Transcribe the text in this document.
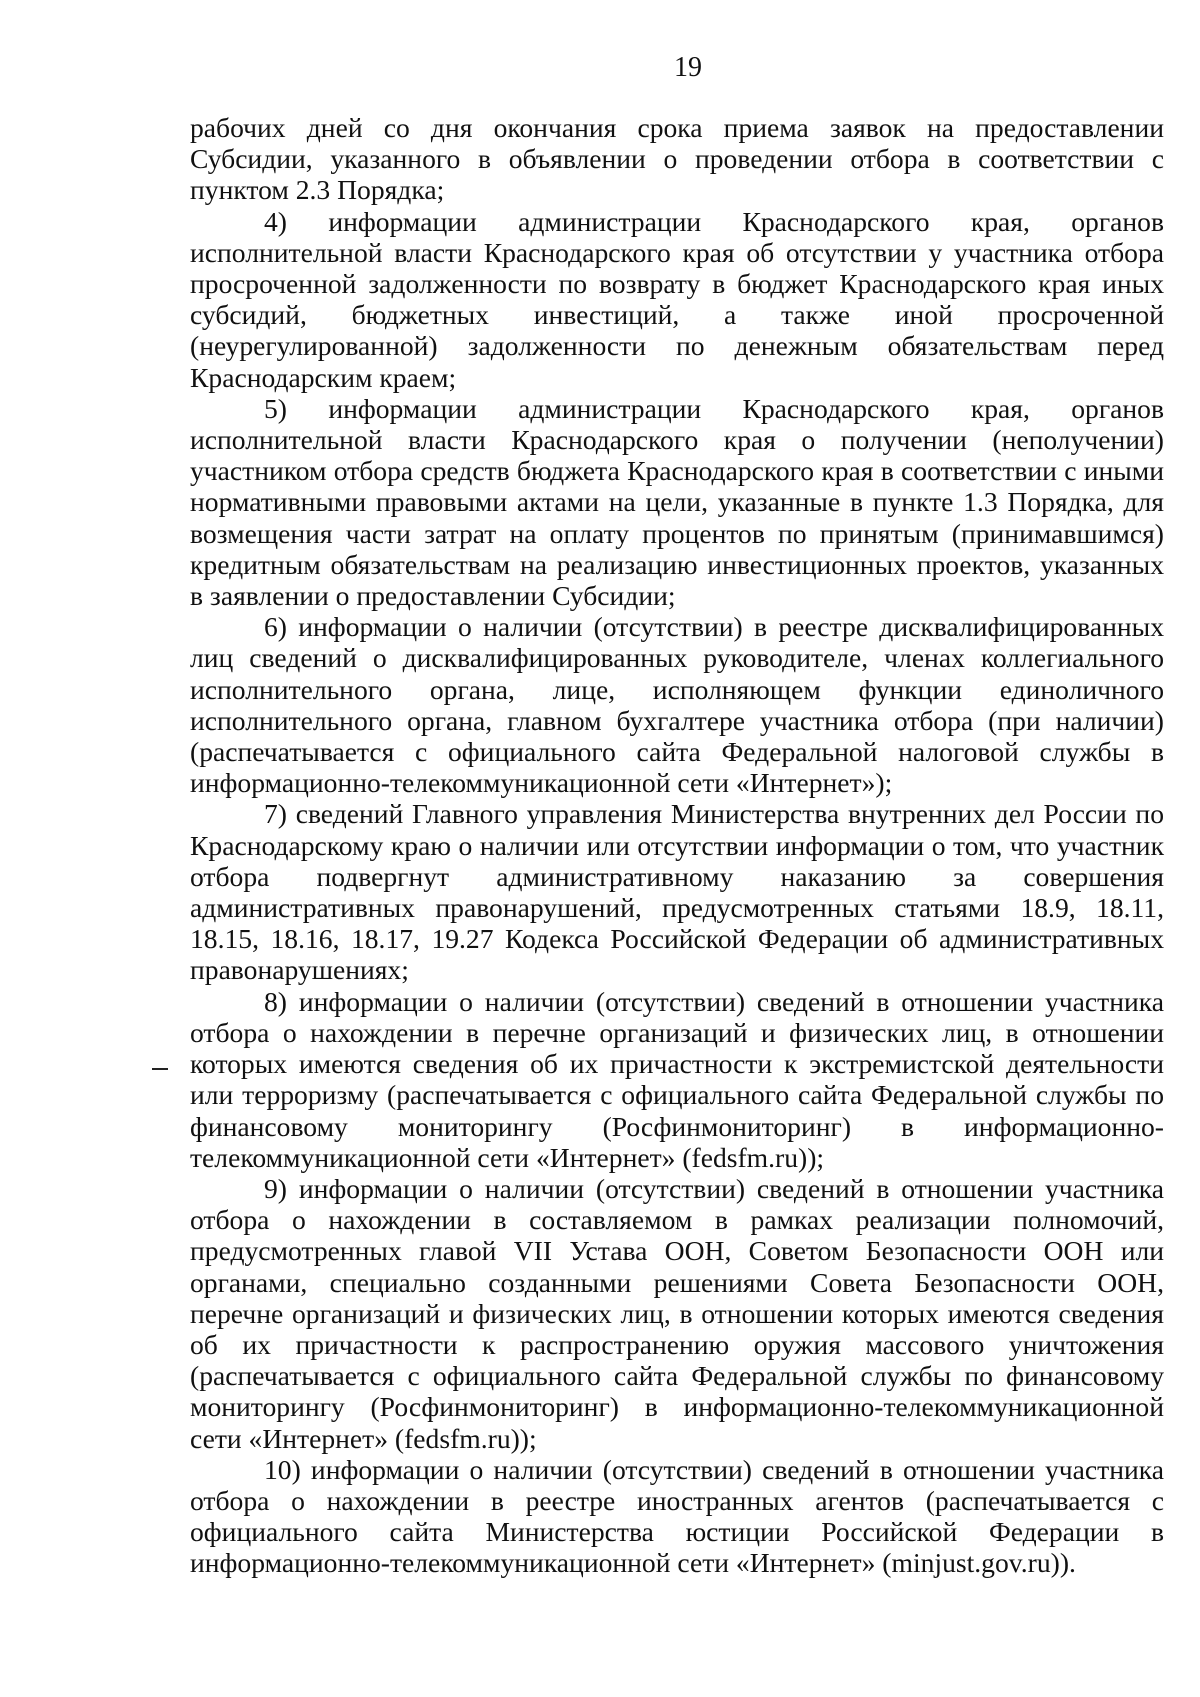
19

рабочих дней со дня окончания срока приема заявок на предоставлении Субсидии, указанного в объявлении о проведении отбора в соответствии с пунктом 2.3 Порядка;

4) информации администрации Краснодарского края, органов исполнительной власти Краснодарского края об отсутствии у участника отбора просроченной задолженности по возврату в бюджет Краснодарского края иных субсидий, бюджетных инвестиций, а также иной просроченной (неурегулированной) задолженности по денежным обязательствам перед Краснодарским краем;

5) информации администрации Краснодарского края, органов исполнительной власти Краснодарского края о получении (неполучении) участником отбора средств бюджета Краснодарского края в соответствии с иными нормативными правовыми актами на цели, указанные в пункте 1.3 Порядка, для возмещения части затрат на оплату процентов по принятым (принимавшимся) кредитным обязательствам на реализацию инвестиционных проектов, указанных в заявлении о предоставлении Субсидии;

6) информации о наличии (отсутствии) в реестре дисквалифицированных лиц сведений о дисквалифицированных руководителе, членах коллегиального исполнительного органа, лице, исполняющем функции единоличного исполнительного органа, главном бухгалтере участника отбора (при наличии) (распечатывается с официального сайта Федеральной налоговой службы в информационно-телекоммуникационной сети «Интернет»);

7) сведений Главного управления Министерства внутренних дел России по Краснодарскому краю о наличии или отсутствии информации о том, что участник отбора подвергнут административному наказанию за совершения административных правонарушений, предусмотренных статьями 18.9, 18.11, 18.15, 18.16, 18.17, 19.27 Кодекса Российской Федерации об административных правонарушениях;

8) информации о наличии (отсутствии) сведений в отношении участника отбора о нахождении в перечне организаций и физических лиц, в отношении которых имеются сведения об их причастности к экстремистской деятельности или терроризму (распечатывается с официального сайта Федеральной службы по финансовому мониторингу (Росфинмониторинг) в информационно-телекоммуникационной сети «Интернет» (fedsfm.ru));

9) информации о наличии (отсутствии) сведений в отношении участника отбора о нахождении в составляемом в рамках реализации полномочий, предусмотренных главой VII Устава ООН, Советом Безопасности ООН или органами, специально созданными решениями Совета Безопасности ООН, перечне организаций и физических лиц, в отношении которых имеются сведения об их причастности к распространению оружия массового уничтожения (распечатывается с официального сайта Федеральной службы по финансовому мониторингу (Росфинмониторинг) в информационно-телекоммуникационной сети «Интернет» (fedsfm.ru));

10) информации о наличии (отсутствии) сведений в отношении участника отбора о нахождении в реестре иностранных агентов (распечатывается с официального сайта Министерства юстиции Российской Федерации в информационно-телекоммуникационной сети «Интернет» (minjust.gov.ru)).
